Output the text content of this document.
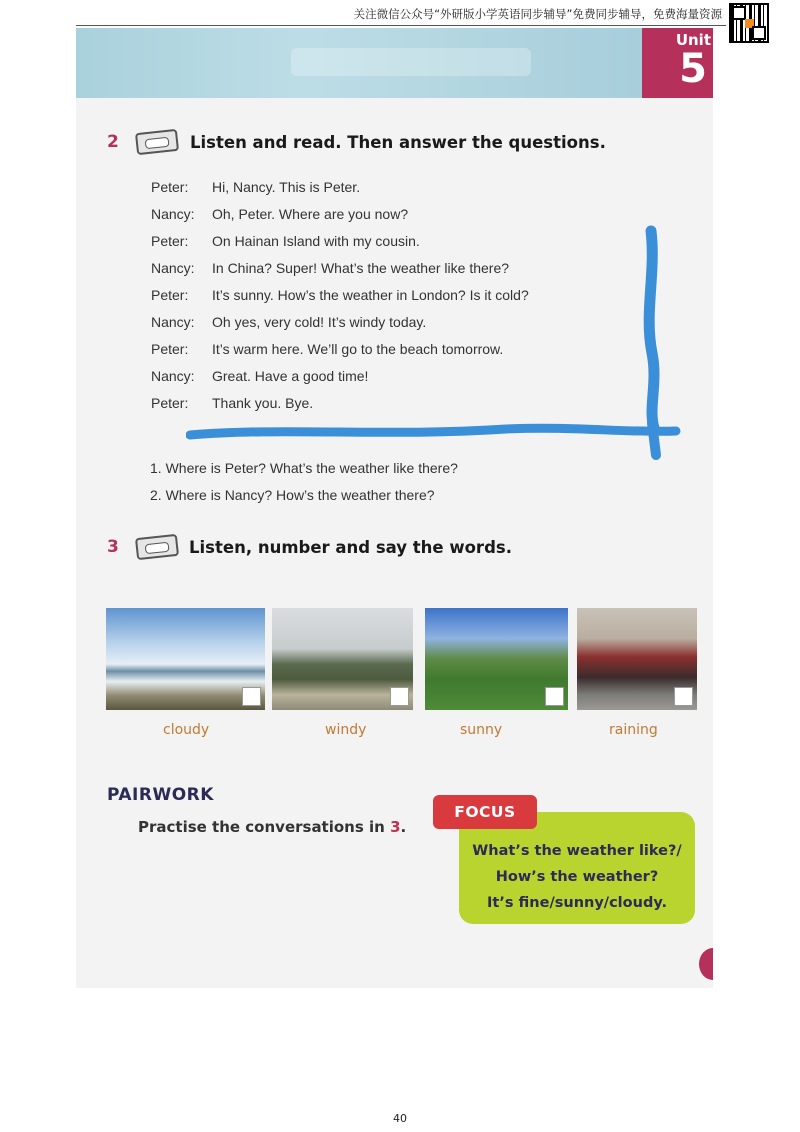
关注微信公众号“外研版小学英语同步辅导”免费同步辅导，免费海量资源
Unit
5
2	Listen and read. Then answer the questions.
Peter: Hi, Nancy. This is Peter.
Nancy: Oh, Peter. Where are you now?
Peter: On Hainan Island with my cousin.
Nancy: In China? Super! What’s the weather like there?
Peter: It’s sunny. How’s the weather in London? Is it cold?
Nancy: Oh yes, very cold! It’s windy today.
Peter: It’s warm here. We’ll go to the beach tomorrow.
Nancy: Great. Have a good time!
Peter: Thank you. Bye.
1. Where is Peter? What’s the weather like there?
2. Where is Nancy? How’s the weather there?
3	Listen, number and say the words.
cloudy	windy	sunny	raining
PAIRWORK
Practise the conversations in 3.
FOCUS
What’s the weather like?/
How’s the weather?
It’s fine/sunny/cloudy.
40
